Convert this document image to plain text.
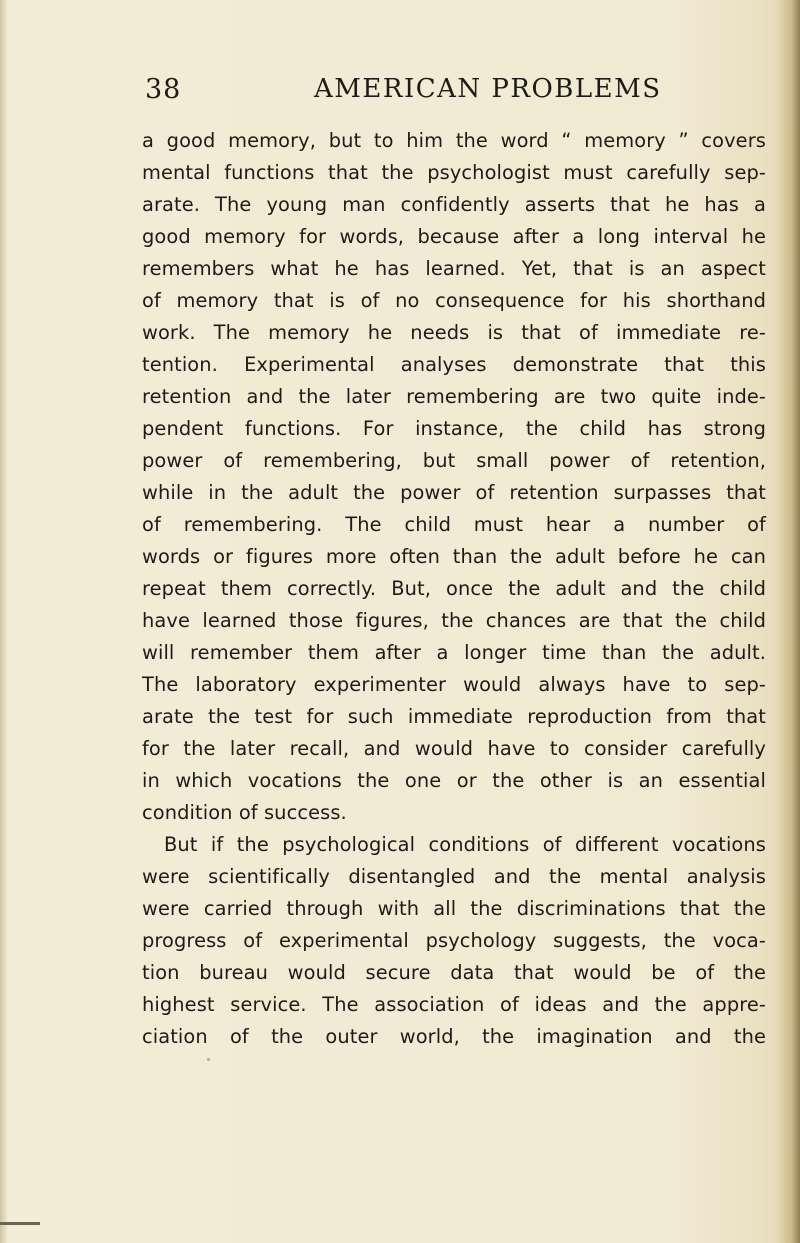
38	AMERICAN PROBLEMS
a good memory, but to him the word “ memory ” covers
mental functions that the psychologist must carefully sep-
arate. The young man confidently asserts that he has a
good memory for words, because after a long interval he
remembers what he has learned. Yet, that is an aspect
of memory that is of no consequence for his shorthand
work. The memory he needs is that of immediate re-
tention. Experimental analyses demonstrate that this
retention and the later remembering are two quite inde-
pendent functions. For instance, the child has strong
power of remembering, but small power of retention,
while in the adult the power of retention surpasses that
of remembering. The child must hear a number of
words or figures more often than the adult before he can
repeat them correctly. But, once the adult and the child
have learned those figures, the chances are that the child
will remember them after a longer time than the adult.
The laboratory experimenter would always have to sep-
arate the test for such immediate reproduction from that
for the later recall, and would have to consider carefully
in which vocations the one or the other is an essential
condition of success.
But if the psychological conditions of different vocations
were scientifically disentangled and the mental analysis
were carried through with all the discriminations that the
progress of experimental psychology suggests, the voca-
tion bureau would secure data that would be of the
highest service. The association of ideas and the appre-
ciation of the outer world, the imagination and the
